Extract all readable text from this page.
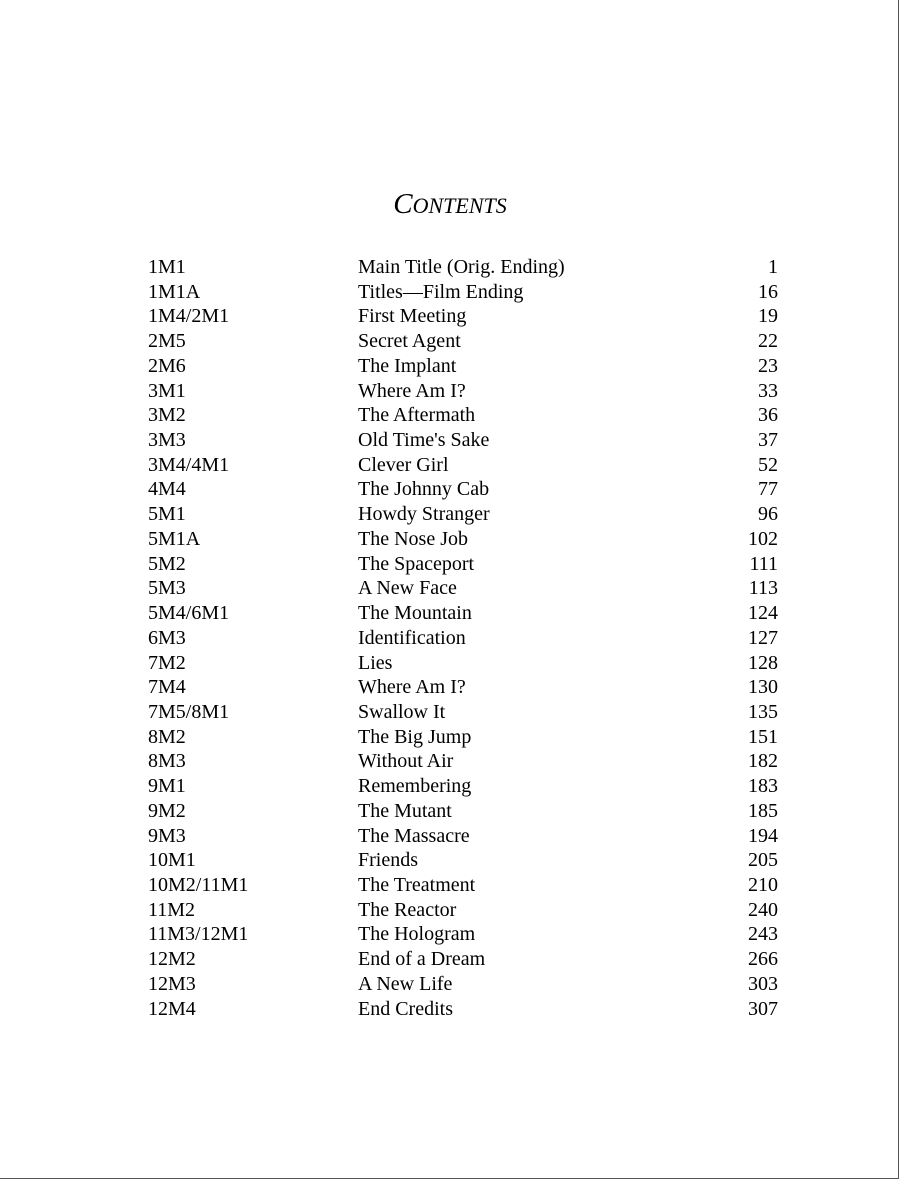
CONTENTS
1M1	Main Title (Orig. Ending)	1
1M1A	Titles—Film Ending	16
1M4/2M1	First Meeting	19
2M5	Secret Agent	22
2M6	The Implant	23
3M1	Where Am I?	33
3M2	The Aftermath	36
3M3	Old Time's Sake	37
3M4/4M1	Clever Girl	52
4M4	The Johnny Cab	77
5M1	Howdy Stranger	96
5M1A	The Nose Job	102
5M2	The Spaceport	111
5M3	A New Face	113
5M4/6M1	The Mountain	124
6M3	Identification	127
7M2	Lies	128
7M4	Where Am I?	130
7M5/8M1	Swallow It	135
8M2	The Big Jump	151
8M3	Without Air	182
9M1	Remembering	183
9M2	The Mutant	185
9M3	The Massacre	194
10M1	Friends	205
10M2/11M1	The Treatment	210
11M2	The Reactor	240
11M3/12M1	The Hologram	243
12M2	End of a Dream	266
12M3	A New Life	303
12M4	End Credits	307
